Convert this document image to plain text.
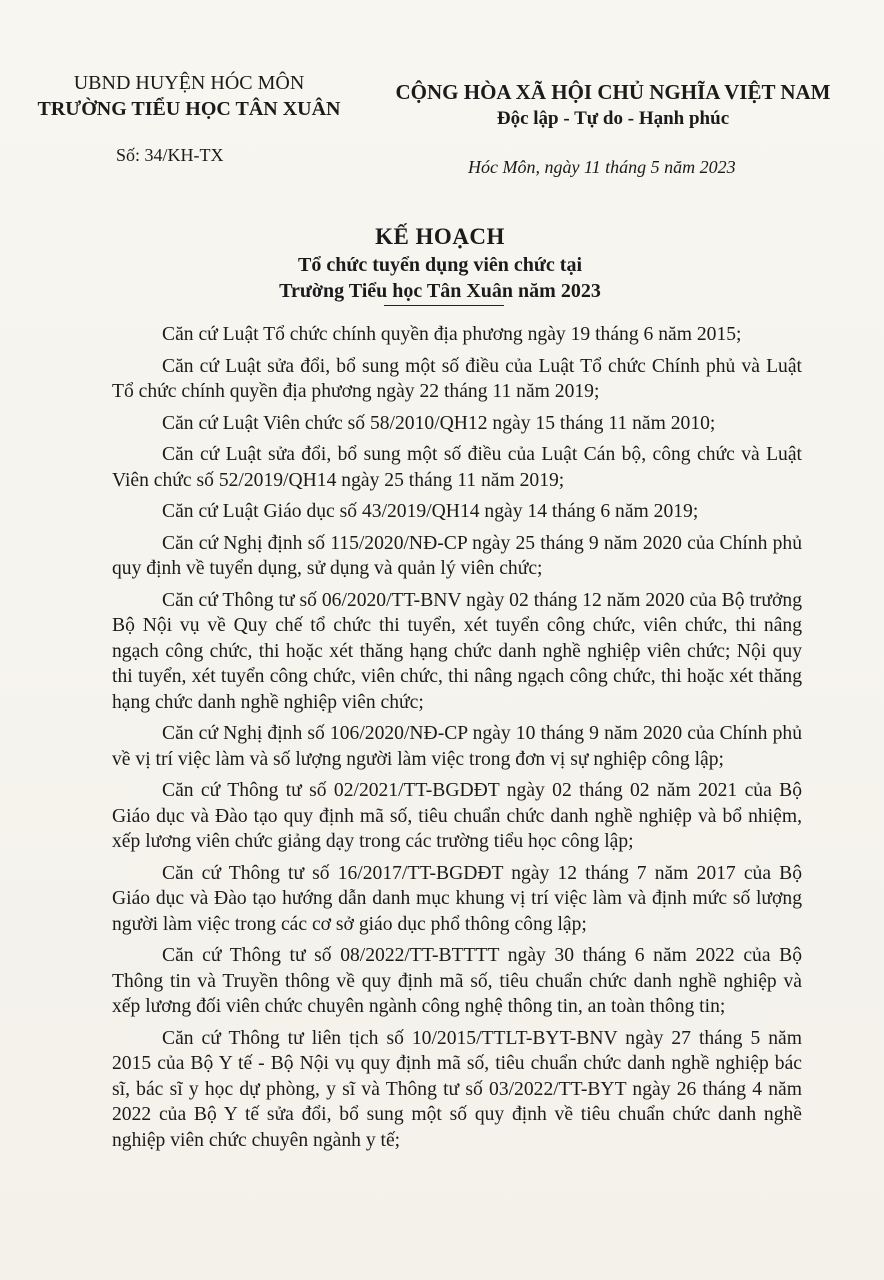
UBND HUYỆN HÓC MÔN
TRƯỜNG TIỂU HỌC TÂN XUÂN
Số: 34/KH-TX
CỘNG HÒA XÃ HỘI CHỦ NGHĨA VIỆT NAM
Độc lập - Tự do - Hạnh phúc
Hóc Môn, ngày 11 tháng 5 năm 2023
KẾ HOẠCH
Tổ chức tuyển dụng viên chức tại
Trường Tiểu học Tân Xuân năm 2023

Căn cứ Luật Tổ chức chính quyền địa phương ngày 19 tháng 6 năm 2015;

Căn cứ Luật sửa đổi, bổ sung một số điều của Luật Tổ chức Chính phủ và Luật Tổ chức chính quyền địa phương ngày 22 tháng 11 năm 2019;

Căn cứ Luật Viên chức số 58/2010/QH12 ngày 15 tháng 11 năm 2010;

Căn cứ Luật sửa đổi, bổ sung một số điều của Luật Cán bộ, công chức và Luật Viên chức số 52/2019/QH14 ngày 25 tháng 11 năm 2019;

Căn cứ Luật Giáo dục số 43/2019/QH14 ngày 14 tháng 6 năm 2019;

Căn cứ Nghị định số 115/2020/NĐ-CP ngày 25 tháng 9 năm 2020 của Chính phủ quy định về tuyển dụng, sử dụng và quản lý viên chức;

Căn cứ Thông tư số 06/2020/TT-BNV ngày 02 tháng 12 năm 2020 của Bộ trưởng Bộ Nội vụ về Quy chế tổ chức thi tuyển, xét tuyển công chức, viên chức, thi nâng ngạch công chức, thi hoặc xét thăng hạng chức danh nghề nghiệp viên chức; Nội quy thi tuyển, xét tuyển công chức, viên chức, thi nâng ngạch công chức, thi hoặc xét thăng hạng chức danh nghề nghiệp viên chức;

Căn cứ Nghị định số 106/2020/NĐ-CP ngày 10 tháng 9 năm 2020 của Chính phủ về vị trí việc làm và số lượng người làm việc trong đơn vị sự nghiệp công lập;

Căn cứ Thông tư số 02/2021/TT-BGDĐT ngày 02 tháng 02 năm 2021 của Bộ Giáo dục và Đào tạo quy định mã số, tiêu chuẩn chức danh nghề nghiệp và bổ nhiệm, xếp lương viên chức giảng dạy trong các trường tiểu học công lập;

Căn cứ Thông tư số 16/2017/TT-BGDĐT ngày 12 tháng 7 năm 2017 của Bộ Giáo dục và Đào tạo hướng dẫn danh mục khung vị trí việc làm và định mức số lượng người làm việc trong các cơ sở giáo dục phổ thông công lập;

Căn cứ Thông tư số 08/2022/TT-BTTTT ngày 30 tháng 6 năm 2022 của Bộ Thông tin và Truyền thông về quy định mã số, tiêu chuẩn chức danh nghề nghiệp và xếp lương đối viên chức chuyên ngành công nghệ thông tin, an toàn thông tin;

Căn cứ Thông tư liên tịch số 10/2015/TTLT-BYT-BNV ngày 27 tháng 5 năm 2015 của Bộ Y tế - Bộ Nội vụ quy định mã số, tiêu chuẩn chức danh nghề nghiệp bác sĩ, bác sĩ y học dự phòng, y sĩ và Thông tư số 03/2022/TT-BYT ngày 26 tháng 4 năm 2022 của Bộ Y tế sửa đổi, bổ sung một số quy định về tiêu chuẩn chức danh nghề nghiệp viên chức chuyên ngành y tế;
